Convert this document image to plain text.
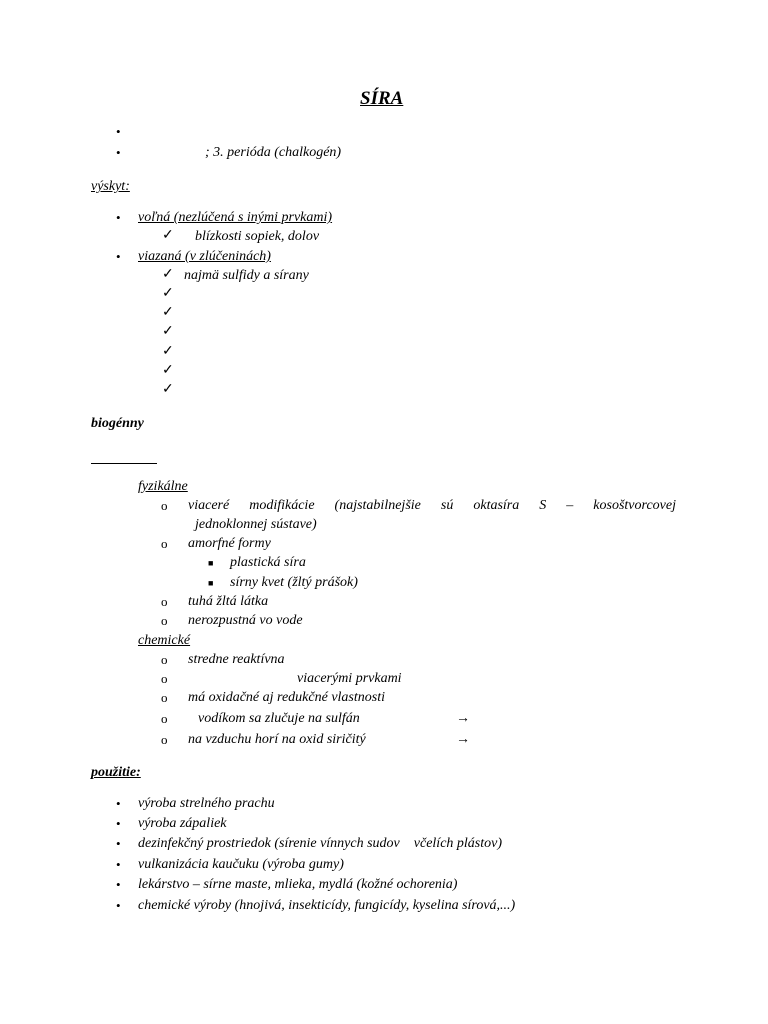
SÍRA
•
•	; 3. perióda (chalkogén)
výskyt:
• voľná (nezlúčená s inými prvkami)
✓ blízkosti sopiek, dolov
• viazaná (v zlúčeninách)
✓ najmä sulfidy a sírany
✓
✓
✓
✓
✓
✓
biogénny
fyzikálne
o viaceré modifikácie (najstabilnejšie sú oktasíra S – kosoštvorcovej
jednoklonnej sústave)
o amorfné formy
■ plastická síra
■ sírny kvet (žltý prášok)
o tuhá žltá látka
o nerozpustná vo vode
chemické
o stredne reaktívna
o	viacerými prvkami
o má oxidačné aj redukčné vlastnosti
o vodíkom sa zlučuje na sulfán	→
o na vzduchu horí na oxid siričitý	→
použitie:
• výroba strelného prachu
• výroba zápaliek
• dezinfekčný prostriedok (sírenie vínnych sudov    včelích plástov)
• vulkanizácia kaučuku (výroba gumy)
• lekárstvo – sírne maste, mlieka, mydlá (kožné ochorenia)
• chemické výroby (hnojivá, insekticídy, fungicídy, kyselina sírová,...)
